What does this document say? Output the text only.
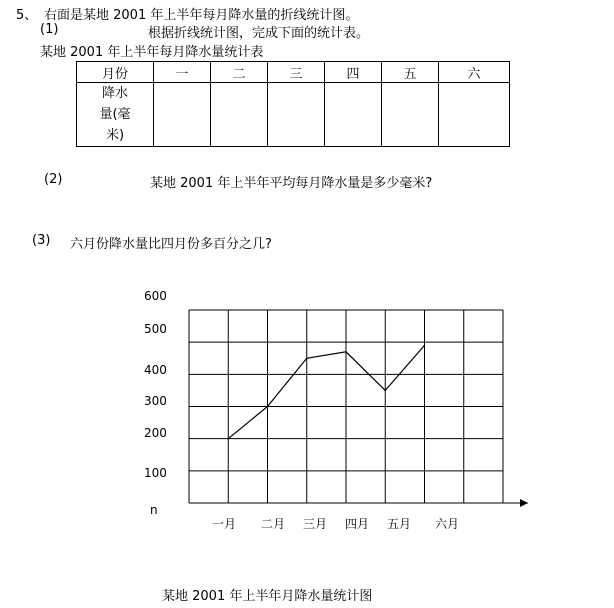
5、 右面是某地 2001 年上半年每月降水量的折线统计图。
(1)	根据折线统计图，完成下面的统计表。
某地 2001 年上半年每月降水量统计表
月份	一	二	三	四	五	六

降水
量(毫
米)						

(2)	某地 2001 年上半年平均每月降水量是多少毫米?
(3) 六月份降水量比四月份多百分之几?
600
500
400
300
200
100
n
一月 二月 三月 四月 五月 六月
某地 2001 年上半年月降水量统计图
